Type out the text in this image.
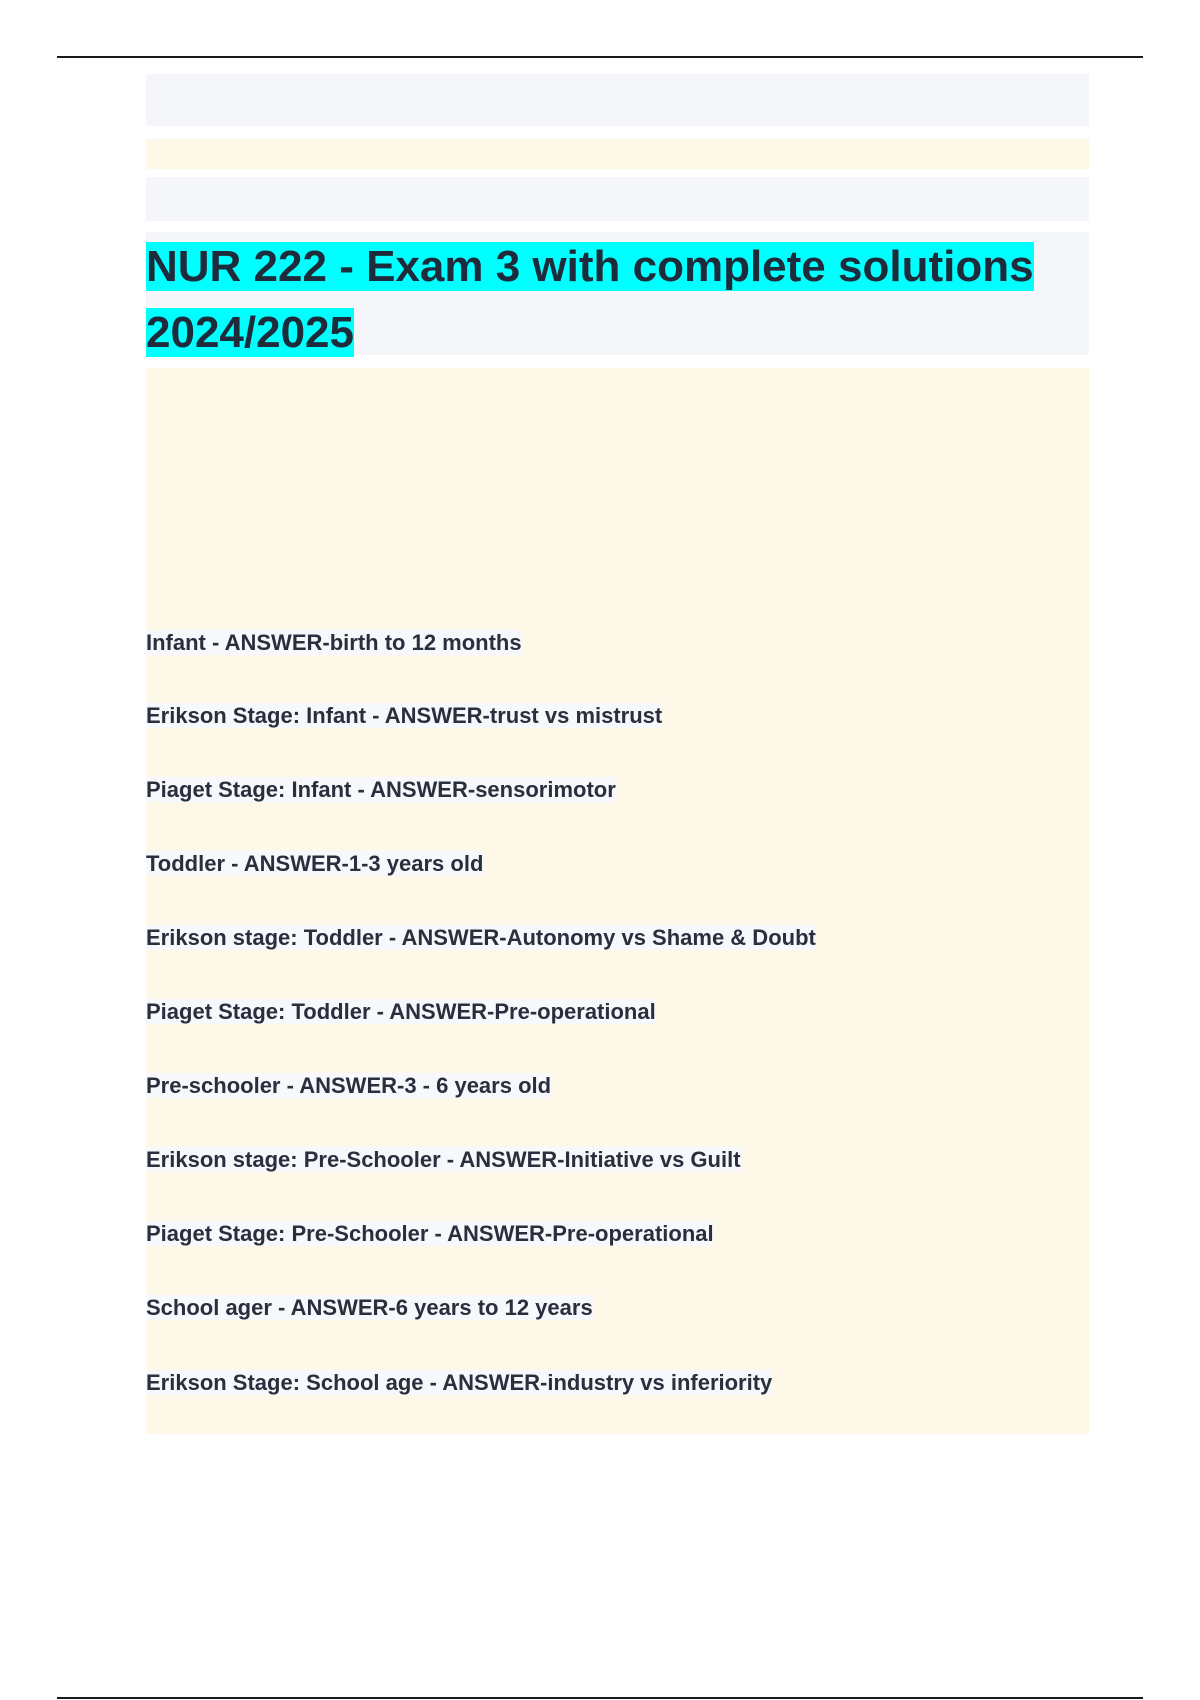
NUR 222 - Exam 3 with complete solutions
2024/2025

Infant - ANSWER-birth to 12 months

Erikson Stage: Infant - ANSWER-trust vs mistrust

Piaget Stage: Infant - ANSWER-sensorimotor

Toddler - ANSWER-1-3 years old

Erikson stage: Toddler - ANSWER-Autonomy vs Shame & Doubt

Piaget Stage: Toddler - ANSWER-Pre-operational

Pre-schooler - ANSWER-3 - 6 years old

Erikson stage: Pre-Schooler - ANSWER-Initiative vs Guilt

Piaget Stage: Pre-Schooler - ANSWER-Pre-operational

School ager - ANSWER-6 years to 12 years

Erikson Stage: School age - ANSWER-industry vs inferiority
